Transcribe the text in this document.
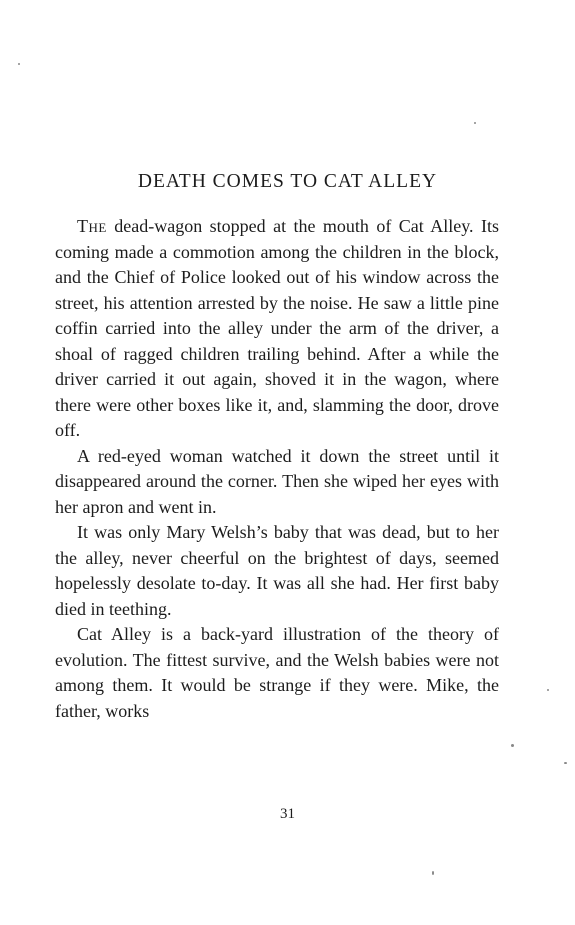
DEATH COMES TO CAT ALLEY

The dead-wagon stopped at the mouth of Cat Alley. Its coming made a commotion among the children in the block, and the Chief of Police looked out of his window across the street, his attention arrested by the noise. He saw a little pine coffin carried into the alley under the arm of the driver, a shoal of ragged children trailing behind. After a while the driver carried it out again, shoved it in the wagon, where there were other boxes like it, and, slamming the door, drove off.

A red-eyed woman watched it down the street until it disappeared around the corner. Then she wiped her eyes with her apron and went in.

It was only Mary Welsh’s baby that was dead, but to her the alley, never cheerful on the brightest of days, seemed hopelessly desolate to-day. It was all she had. Her first baby died in teething.

Cat Alley is a back-yard illustration of the theory of evolution. The fittest survive, and the Welsh babies were not among them. It would be strange if they were. Mike, the father, works

31
